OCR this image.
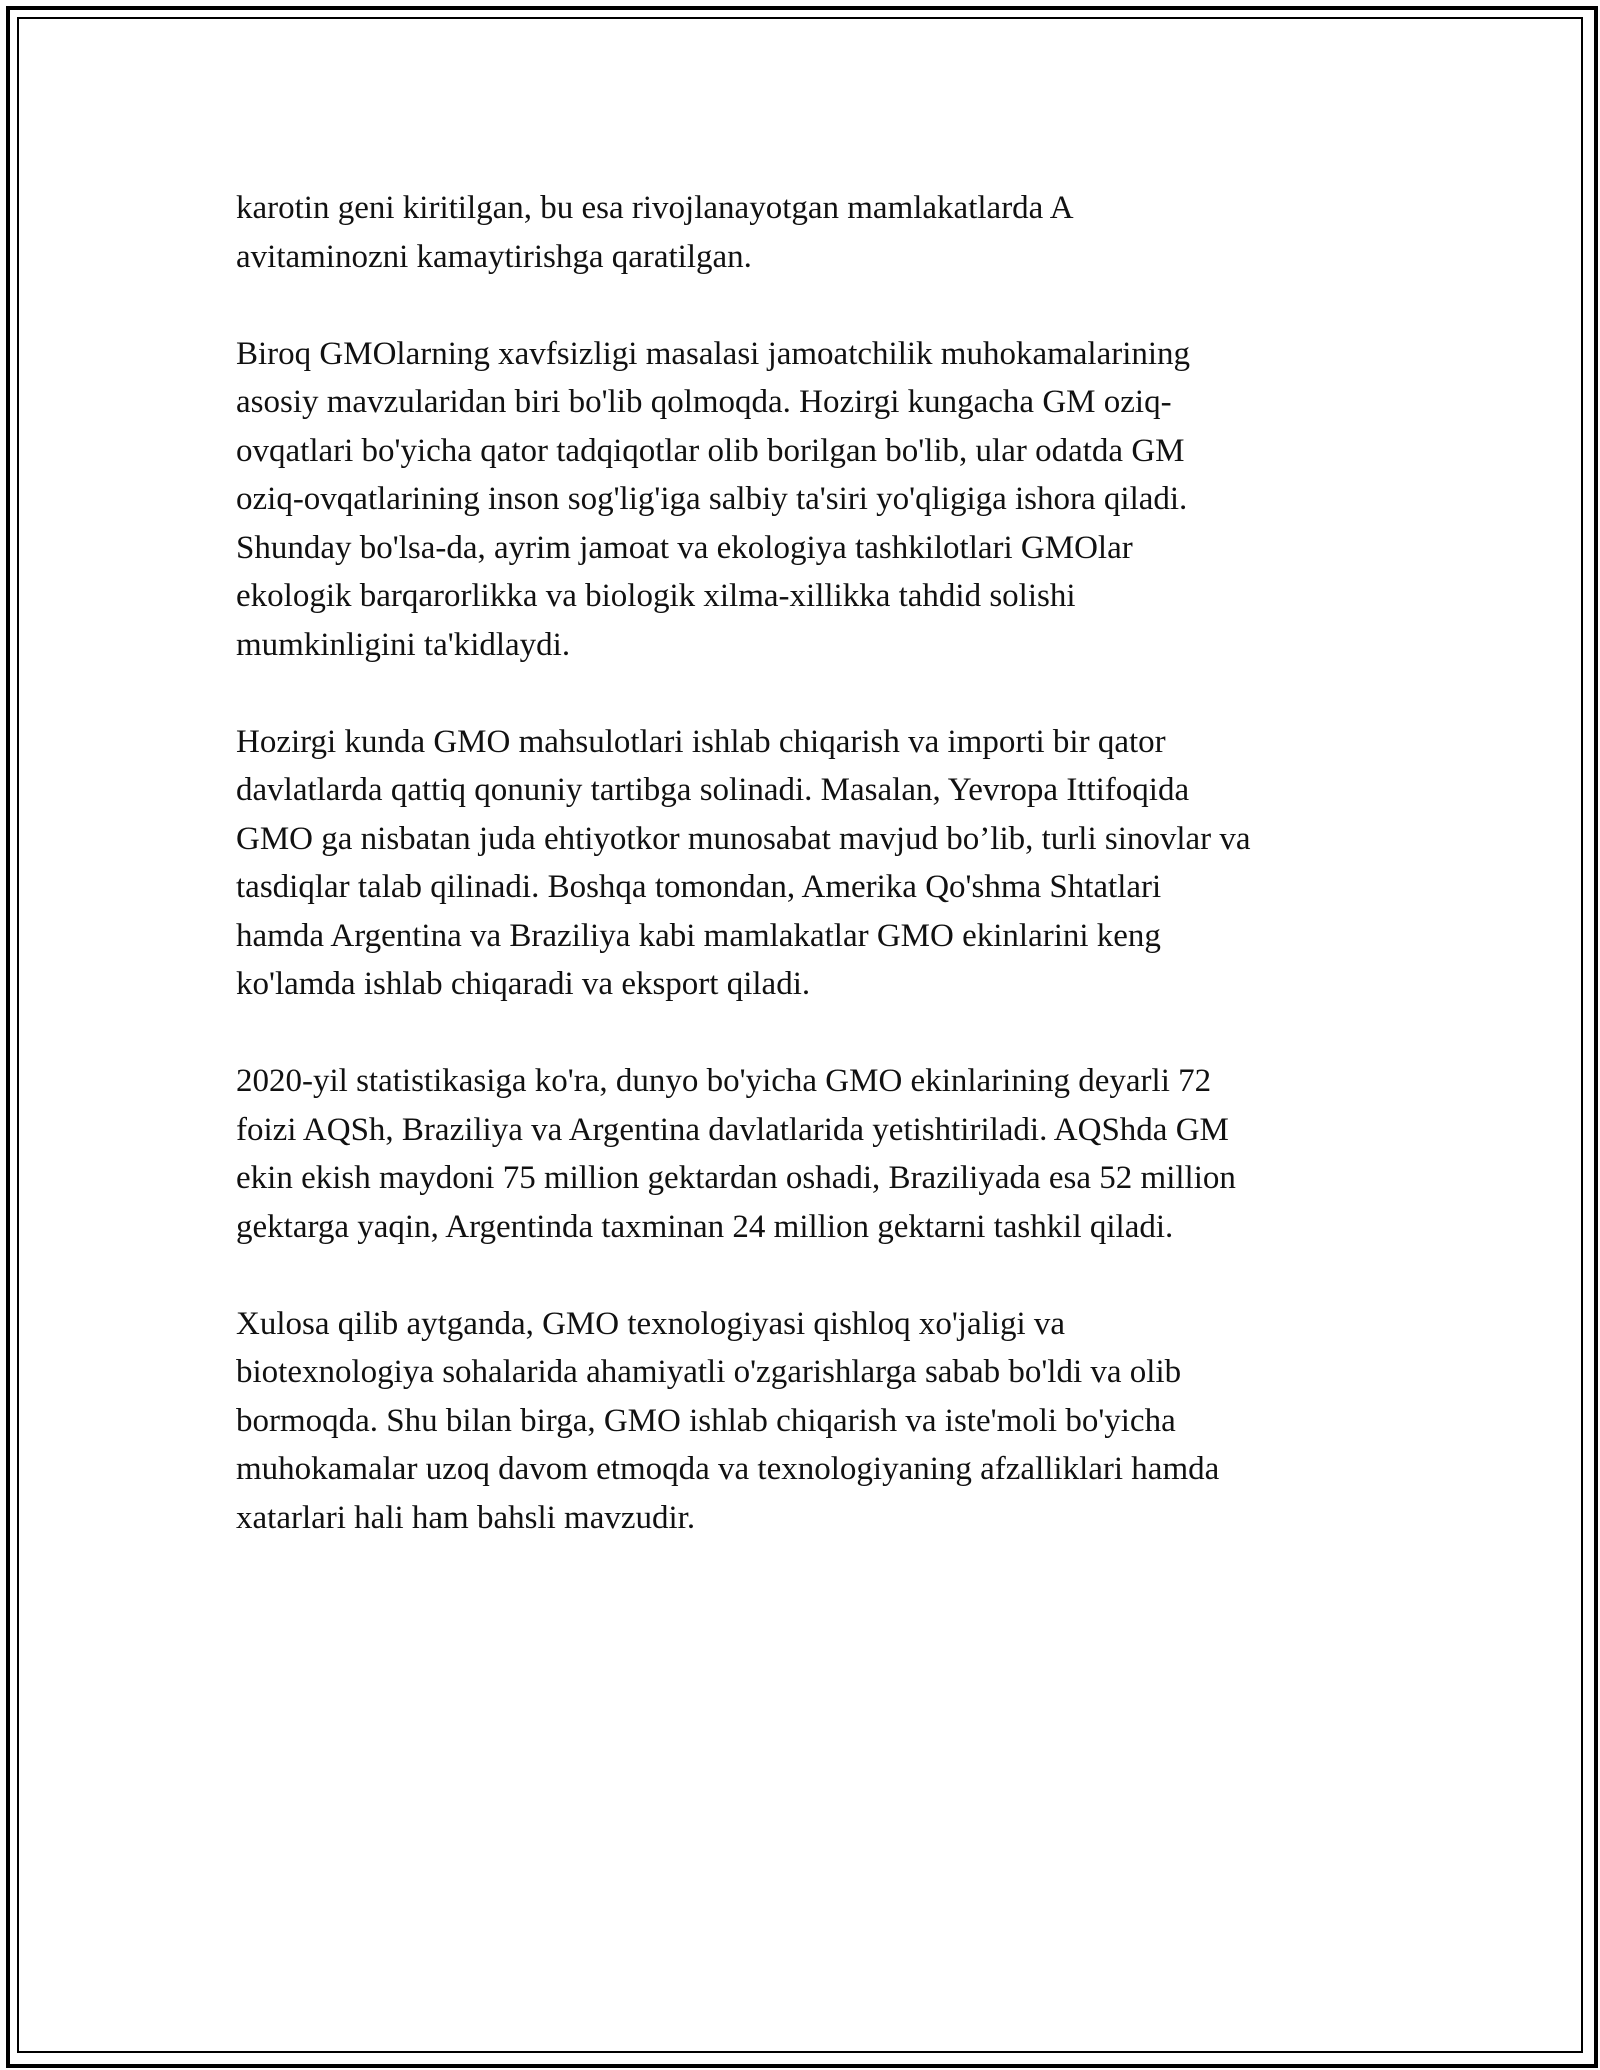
karotin geni kiritilgan, bu esa rivojlanayotgan mamlakatlarda A
avitaminozni kamaytirishga qaratilgan.

Biroq GMOlarning xavfsizligi masalasi jamoatchilik muhokamalarining
asosiy mavzularidan biri bo'lib qolmoqda. Hozirgi kungacha GM oziq-
ovqatlari bo'yicha qator tadqiqotlar olib borilgan bo'lib, ular odatda GM
oziq-ovqatlarining inson sog'lig'iga salbiy ta'siri yo'qligiga ishora qiladi.
Shunday bo'lsa-da, ayrim jamoat va ekologiya tashkilotlari GMOlar
ekologik barqarorlikka va biologik xilma-xillikka tahdid solishi
mumkinligini ta'kidlaydi.

Hozirgi kunda GMO mahsulotlari ishlab chiqarish va importi bir qator
davlatlarda qattiq qonuniy tartibga solinadi. Masalan, Yevropa Ittifoqida
GMO ga nisbatan juda ehtiyotkor munosabat mavjud bo’lib, turli sinovlar va
tasdiqlar talab qilinadi. Boshqa tomondan, Amerika Qo'shma Shtatlari
hamda Argentina va Braziliya kabi mamlakatlar GMO ekinlarini keng
ko'lamda ishlab chiqaradi va eksport qiladi.

2020-yil statistikasiga ko'ra, dunyo bo'yicha GMO ekinlarining deyarli 72
foizi AQSh, Braziliya va Argentina davlatlarida yetishtiriladi. AQShda GM
ekin ekish maydoni 75 million gektardan oshadi, Braziliyada esa 52 million
gektarga yaqin, Argentinda taxminan 24 million gektarni tashkil qiladi.

Xulosa qilib aytganda, GMO texnologiyasi qishloq xo'jaligi va
biotexnologiya sohalarida ahamiyatli o'zgarishlarga sabab bo'ldi va olib
bormoqda. Shu bilan birga, GMO ishlab chiqarish va iste'moli bo'yicha
muhokamalar uzoq davom etmoqda va texnologiyaning afzalliklari hamda
xatarlari hali ham bahsli mavzudir.
